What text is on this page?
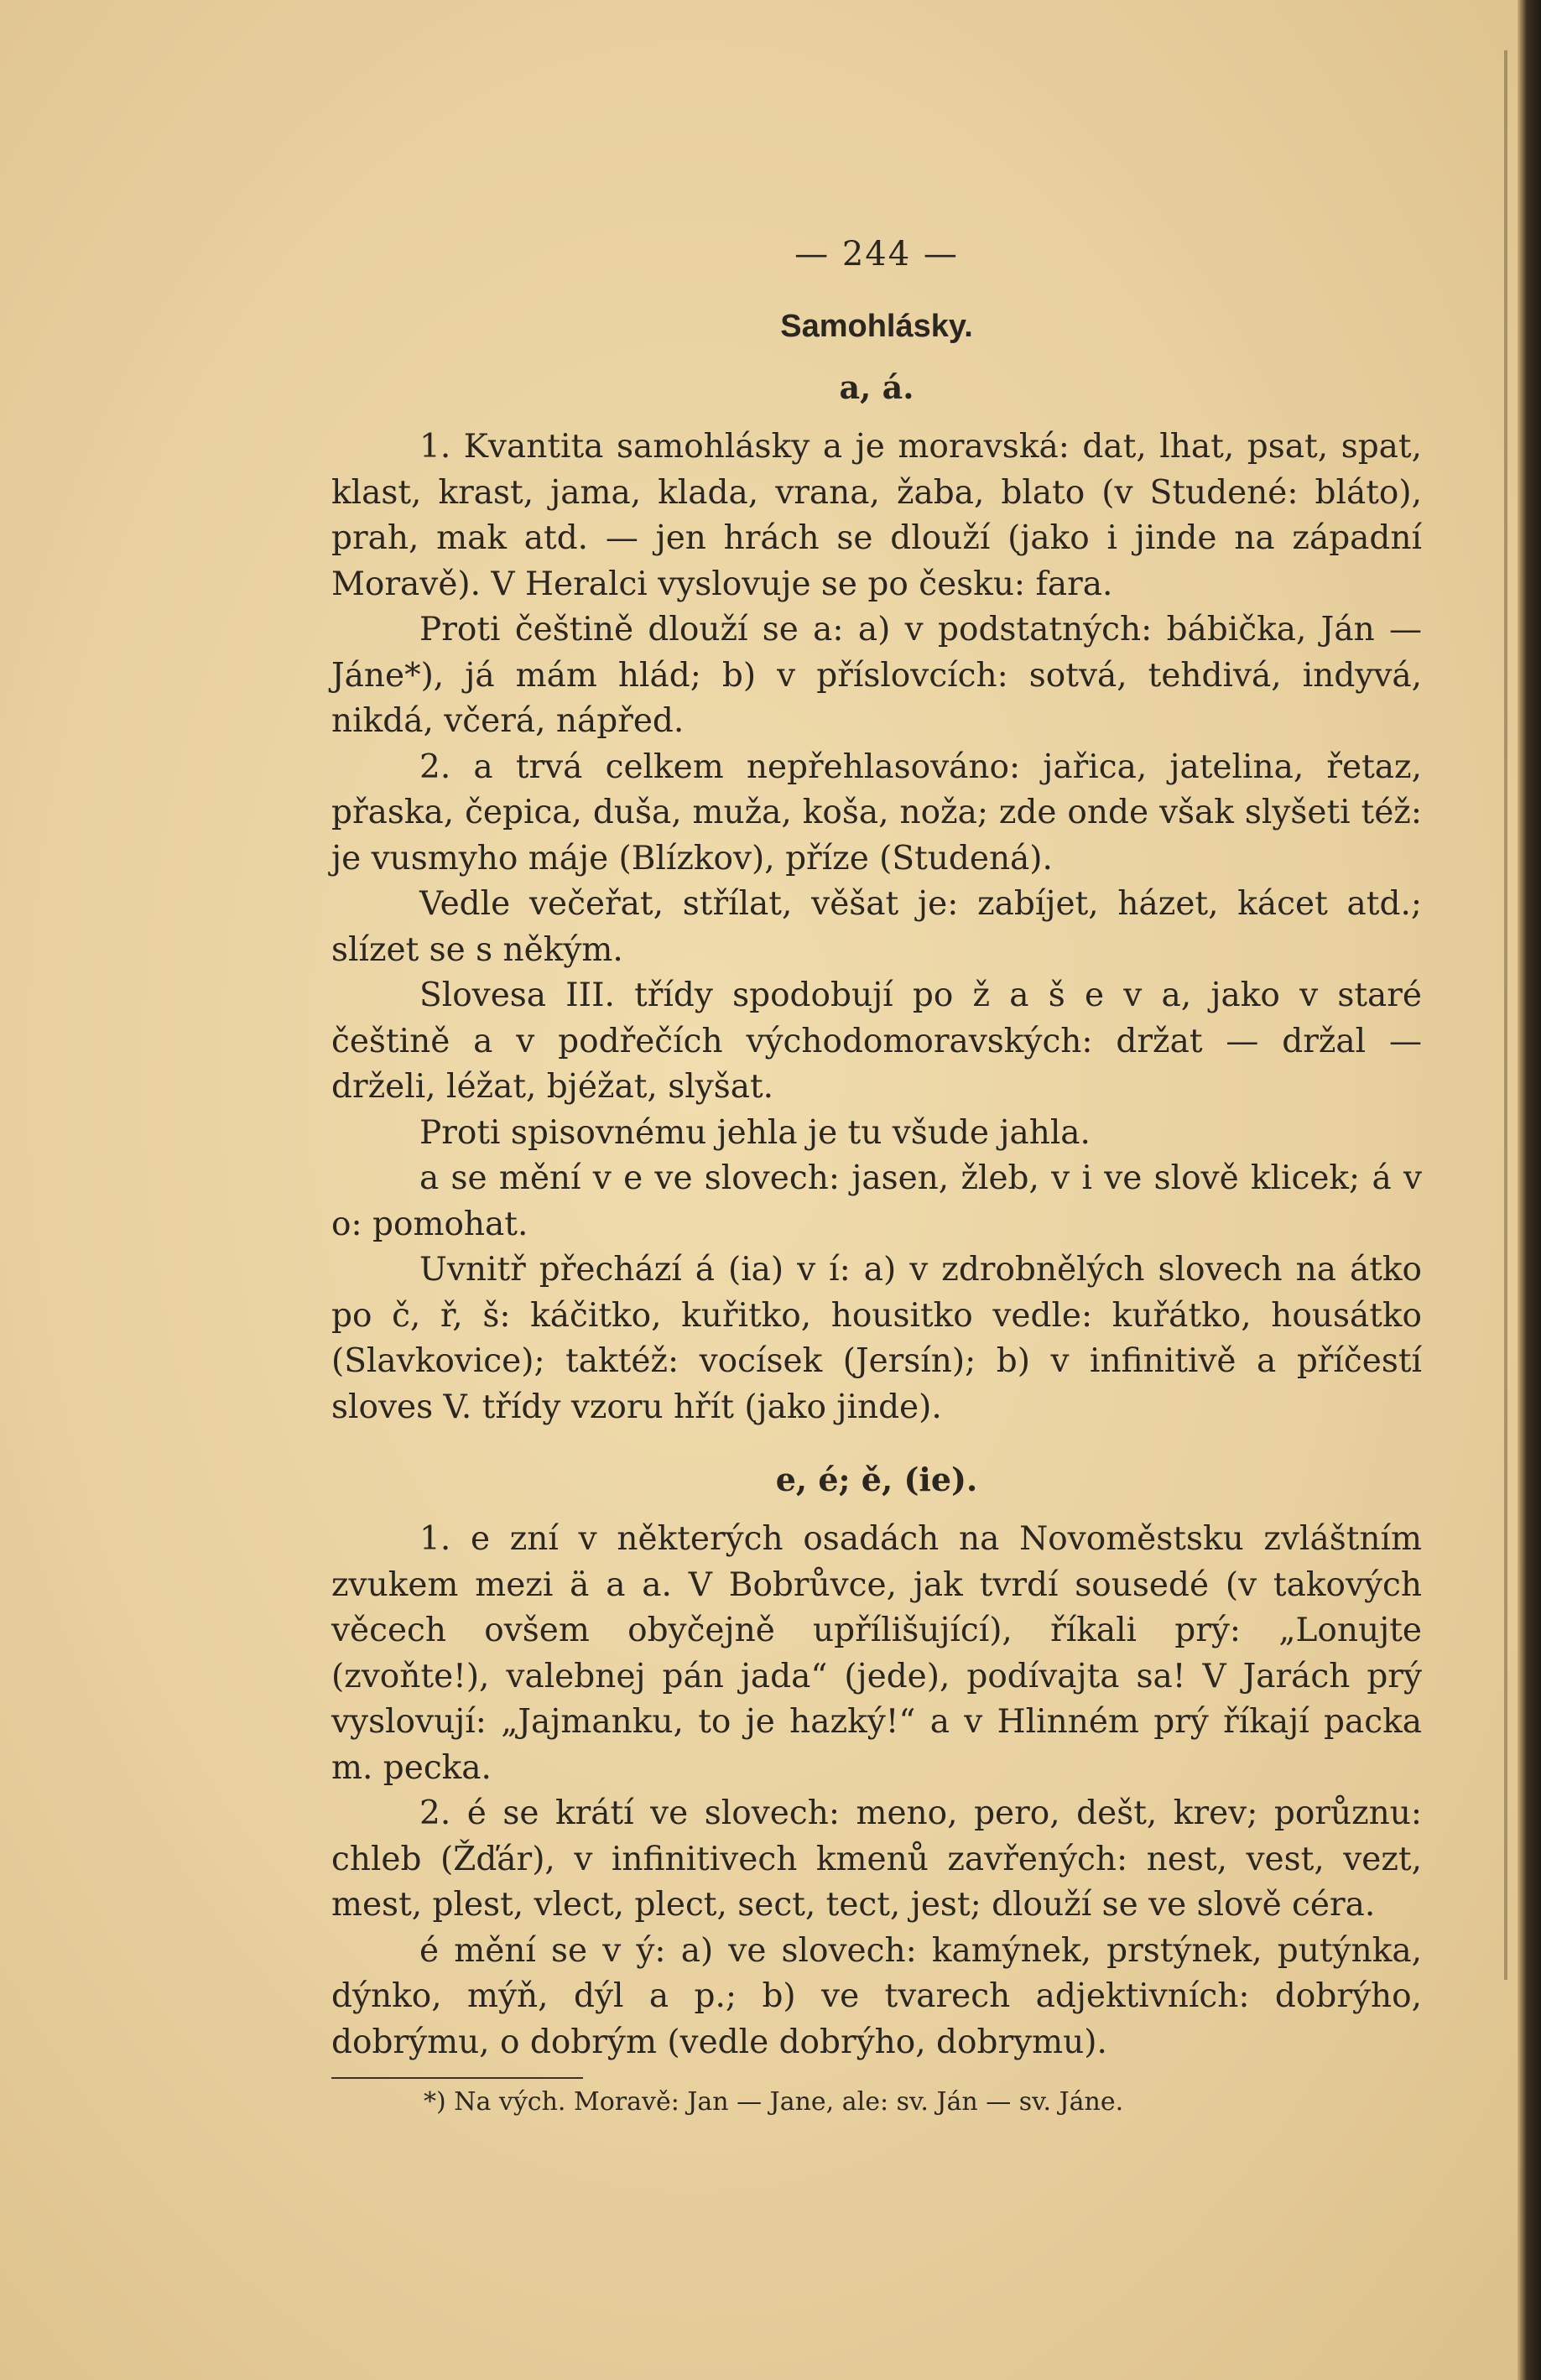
— 244 —
Samohlásky.
a, á.

1. Kvantita samohlásky a je moravská: dat, lhat, psat, spat, klast, krast, jama, klada, vrana, žaba, blato (v Studené: bláto), prah, mak atd. — jen hrách se dlouží (jako i jinde na západní Moravě). V Heralci vyslovuje se po česku: fara.

Proti češtině dlouží se a: a) v podstatných: bábička, Ján — Jáne*), já mám hlád; b) v příslovcích: sotvá, tehdivá, indyvá, nikdá, včerá, nápřed.

2. a trvá celkem nepřehlasováno: jařica, jatelina, řetaz, přaska, čepica, duša, muža, koša, noža; zde onde však slyšeti též: je vusmyho máje (Blízkov), příze (Studená).

Vedle večeřat, střílat, věšat je: zabíjet, házet, kácet atd.; slízet se s někým.

Slovesa III. třídy spodobují po ž a š e v a, jako v staré češtině a v podřečích východomoravských: držat — držal — drželi, léžat, bjéžat, slyšat.

Proti spisovnému jehla je tu všude jahla.

a se mění v e ve slovech: jasen, žleb, v i ve slově klicek; á v o: pomohat.

Uvnitř přechází á (ia) v í: a) v zdrobnělých slovech na átko po č, ř, š: káčitko, kuřitko, housitko vedle: kuřátko, housátko (Slavkovice); taktéž: vocísek (Jersín); b) v infinitivě a příčestí sloves V. třídy vzoru hřít (jako jinde).

e, é; ě, (ie).

1. e zní v některých osadách na Novoměstsku zvláštním zvukem mezi ä a a. V Bobrůvce, jak tvrdí sousedé (v takových věcech ovšem obyčejně upřílišující), říkali prý: „Lonujte (zvoňte!), valebnej pán jada“ (jede), podívajta sa! V Jarách prý vyslovují: „Jajmanku, to je hazký!“ a v Hlinném prý říkají packa m. pecka.

2. é se krátí ve slovech: meno, pero, dešt, krev; porůznu: chleb (Žďár), v infinitivech kmenů zavřených: nest, vest, vezt, mest, plest, vlect, plect, sect, tect, jest; dlouží se ve slově céra.

é mění se v ý: a) ve slovech: kamýnek, prstýnek, putýnka, dýnko, mýň, dýl a p.; b) ve tvarech adjektivních: dobrýho, dobrýmu, o dobrým (vedle dobrýho, dobrymu).

*) Na vých. Moravě: Jan — Jane, ale: sv. Ján — sv. Jáne.
